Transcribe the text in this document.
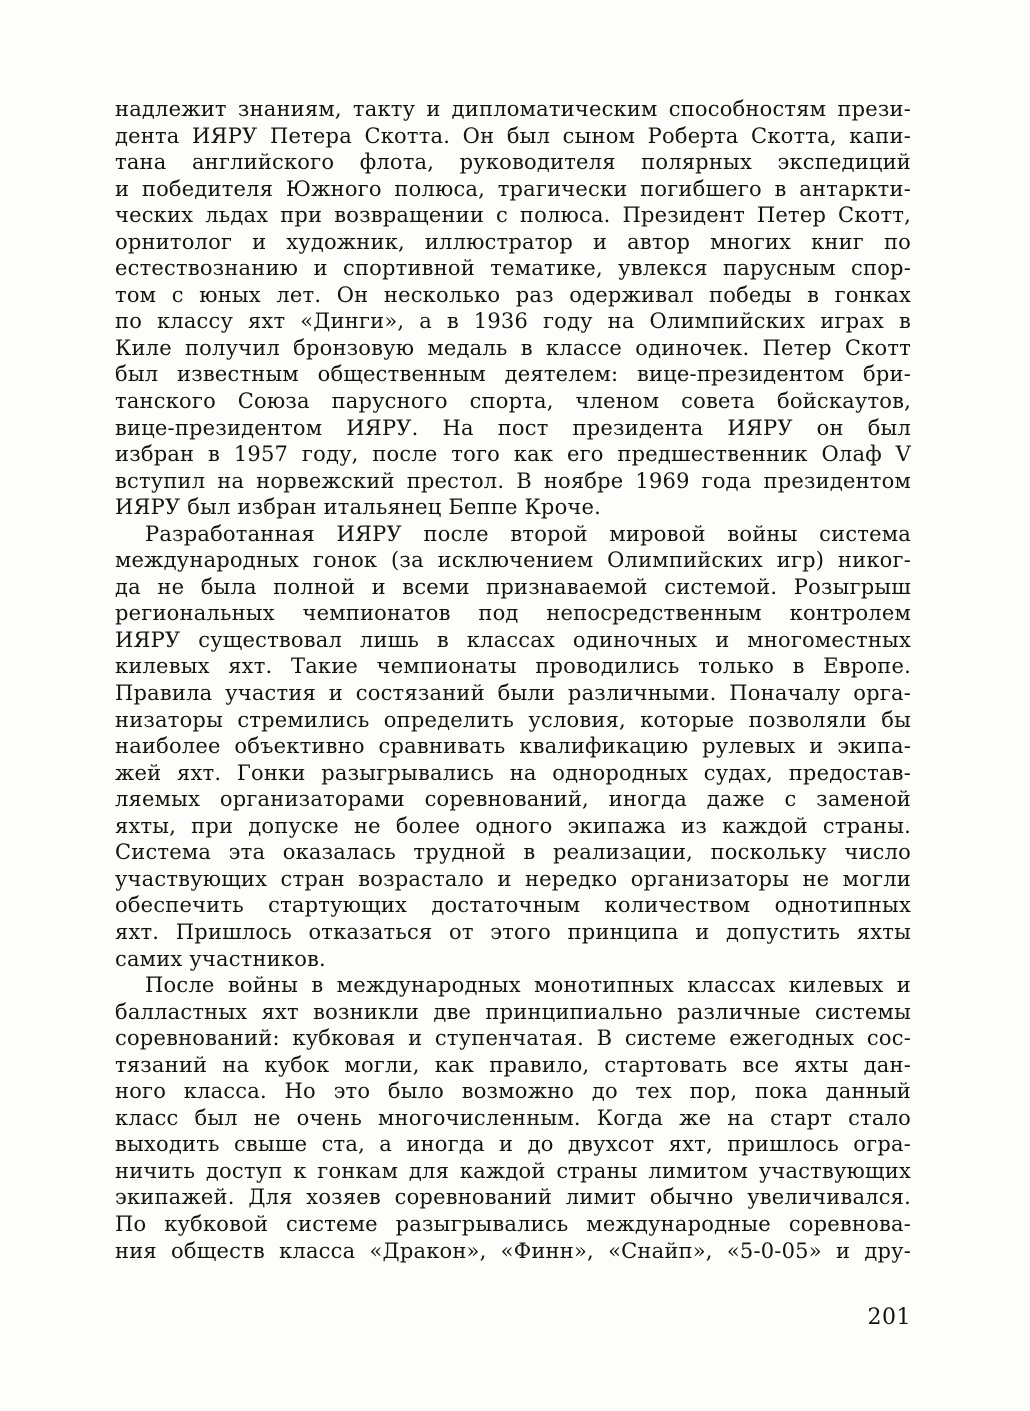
надлежит знаниям, такту и дипломатическим способностям прези-
дента ИЯРУ Петера Скотта. Он был сыном Роберта Скотта, капи-
тана английского флота, руководителя полярных экспедиций
и победителя Южного полюса, трагически погибшего в антаркти-
ческих льдах при возвращении с полюса. Президент Петер Скотт,
орнитолог и художник, иллюстратор и автор многих книг по
естествознанию и спортивной тематике, увлекся парусным спор-
том с юных лет. Он несколько раз одерживал победы в гонках
по классу яхт «Динги», а в 1936 году на Олимпийских играх в
Киле получил бронзовую медаль в классе одиночек. Петер Скотт
был известным общественным деятелем: вице-президентом бри-
танского Союза парусного спорта, членом совета бойскаутов,
вице-президентом ИЯРУ. На пост президента ИЯРУ он был
избран в 1957 году, после того как его предшественник Олаф V
вступил на норвежский престол. В ноябре 1969 года президентом
ИЯРУ был избран итальянец Беппе Кроче.
Разработанная ИЯРУ после второй мировой войны система
международных гонок (за исключением Олимпийских игр) никог-
да не была полной и всеми признаваемой системой. Розыгрыш
региональных чемпионатов под непосредственным контролем
ИЯРУ существовал лишь в классах одиночных и многоместных
килевых яхт. Такие чемпионаты проводились только в Европе.
Правила участия и состязаний были различными. Поначалу орга-
низаторы стремились определить условия, которые позволяли бы
наиболее объективно сравнивать квалификацию рулевых и экипа-
жей яхт. Гонки разыгрывались на однородных судах, предостав-
ляемых организаторами соревнований, иногда даже с заменой
яхты, при допуске не более одного экипажа из каждой страны.
Система эта оказалась трудной в реализации, поскольку число
участвующих стран возрастало и нередко организаторы не могли
обеспечить стартующих достаточным количеством однотипных
яхт. Пришлось отказаться от этого принципа и допустить яхты
самих участников.
После войны в международных монотипных классах килевых и
балластных яхт возникли две принципиально различные системы
соревнований: кубковая и ступенчатая. В системе ежегодных сос-
тязаний на кубок могли, как правило, стартовать все яхты дан-
ного класса. Но это было возможно до тех пор, пока данный
класс был не очень многочисленным. Когда же на старт стало
выходить свыше ста, а иногда и до двухсот яхт, пришлось огра-
ничить доступ к гонкам для каждой страны лимитом участвующих
экипажей. Для хозяев соревнований лимит обычно увеличивался.
По кубковой системе разыгрывались международные соревнова-
ния обществ класса «Дракон», «Финн», «Снайп», «5-0-05» и дру-
201
